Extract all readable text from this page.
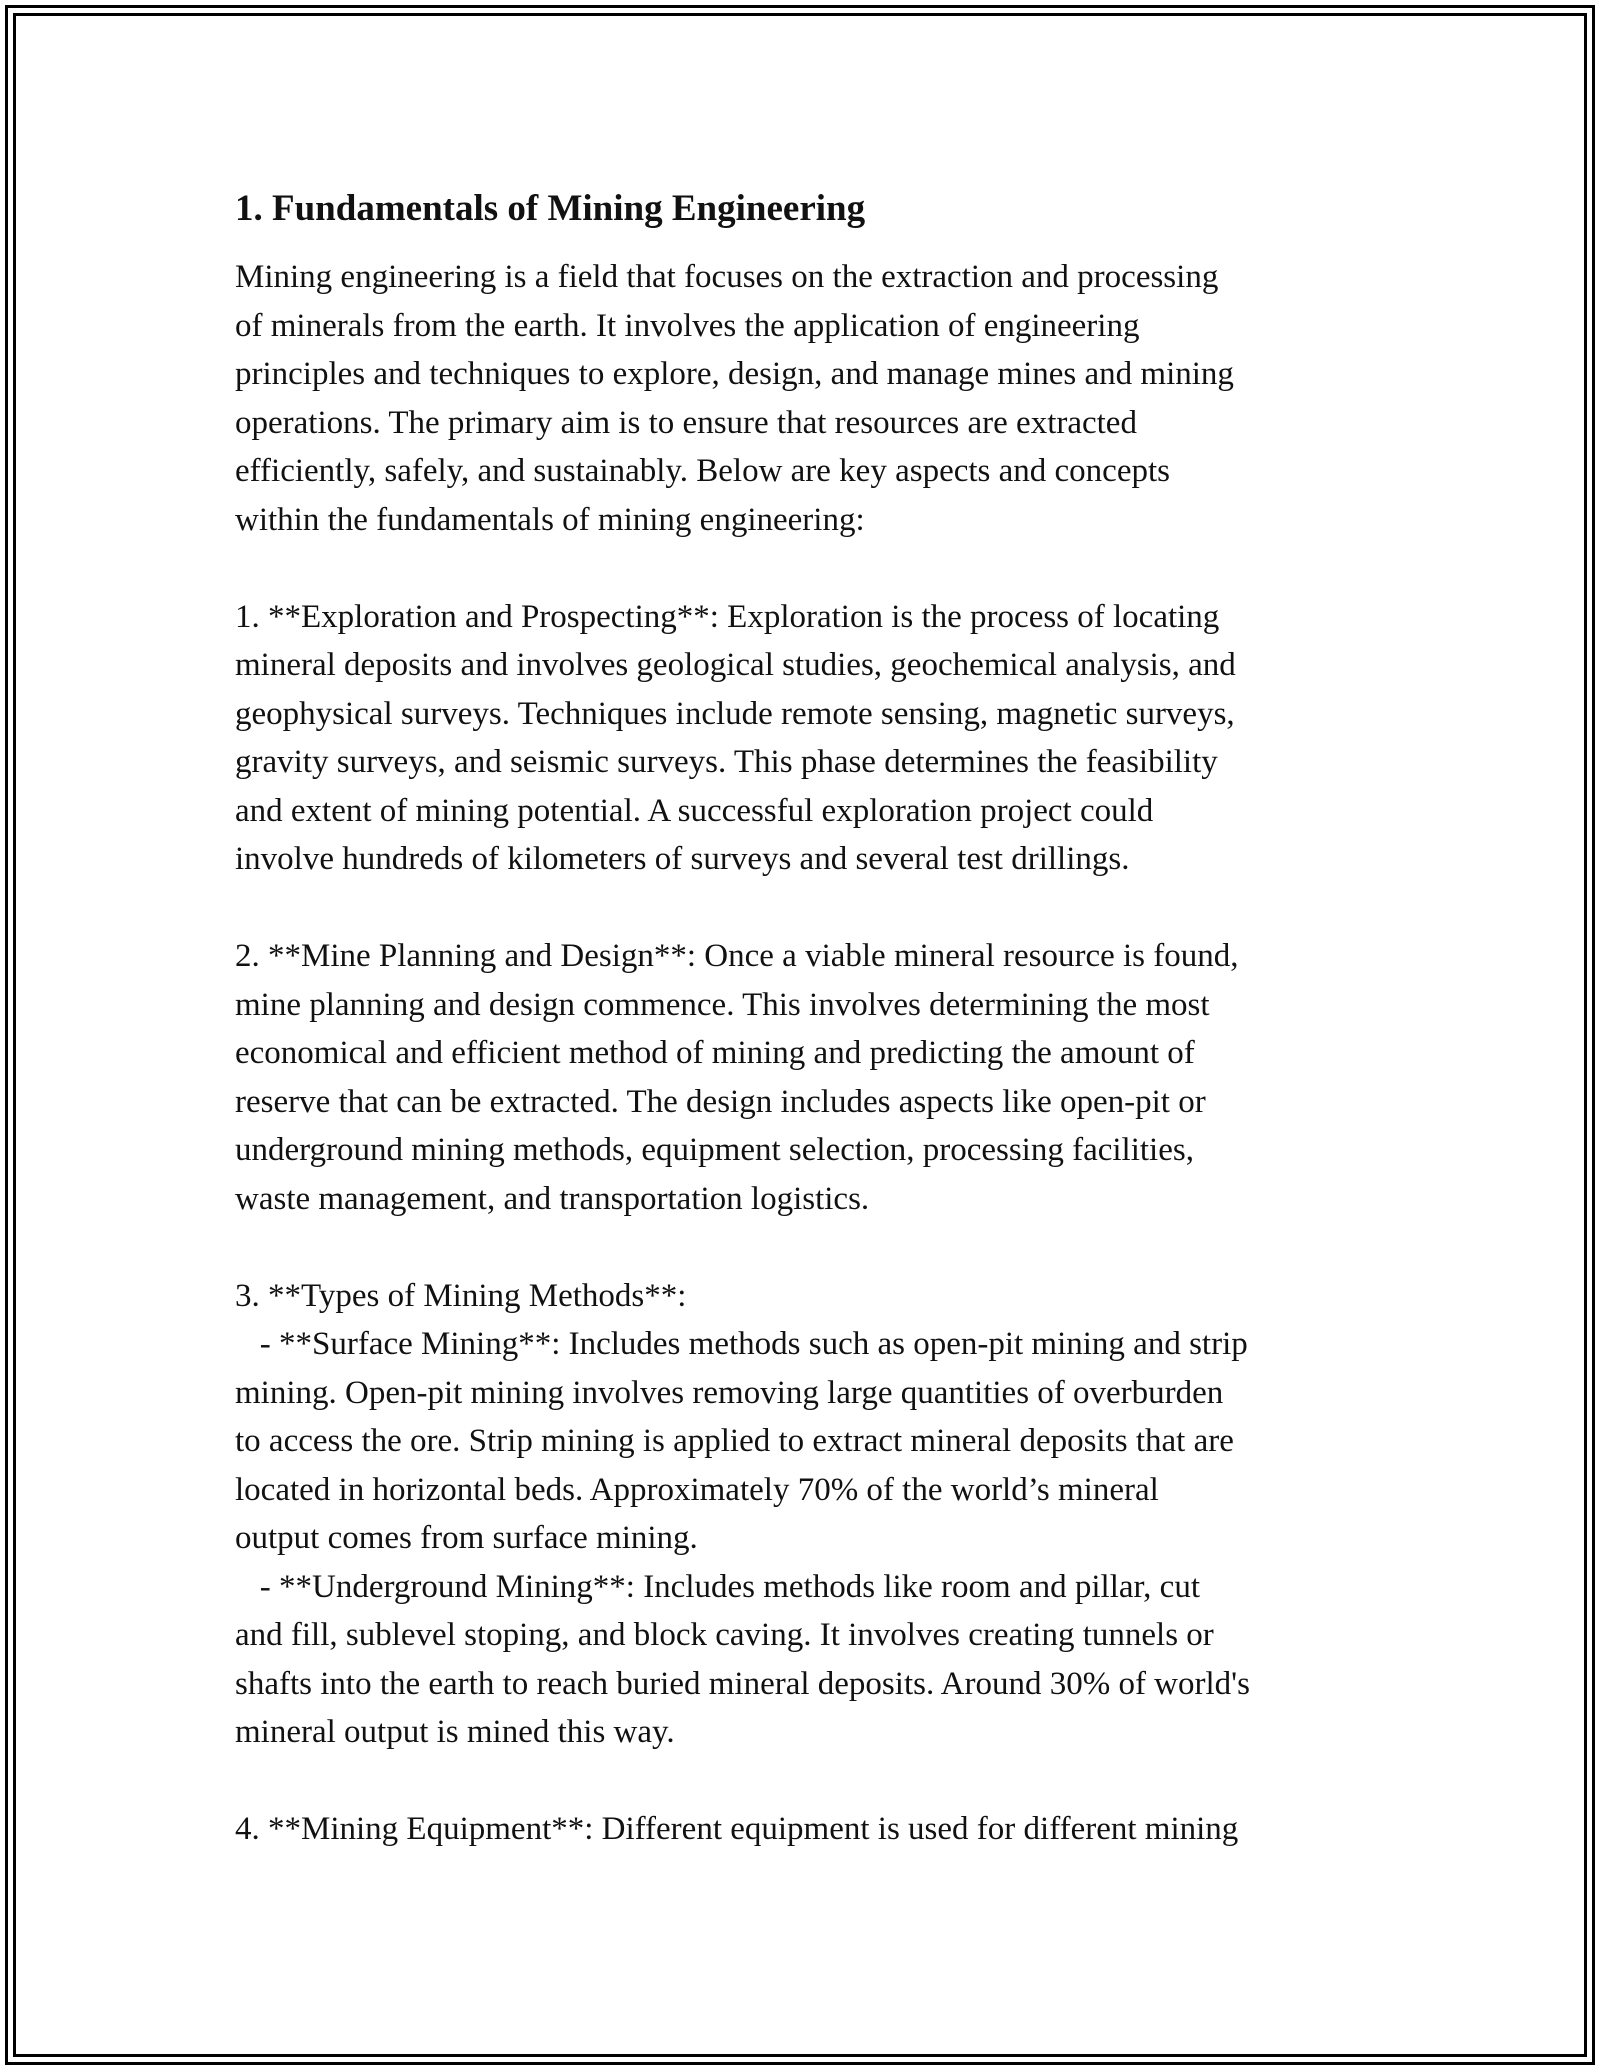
1. Fundamentals of Mining Engineering

Mining engineering is a field that focuses on the extraction and processing
of minerals from the earth. It involves the application of engineering
principles and techniques to explore, design, and manage mines and mining
operations. The primary aim is to ensure that resources are extracted
efficiently, safely, and sustainably. Below are key aspects and concepts
within the fundamentals of mining engineering:

1. **Exploration and Prospecting**: Exploration is the process of locating
mineral deposits and involves geological studies, geochemical analysis, and
geophysical surveys. Techniques include remote sensing, magnetic surveys,
gravity surveys, and seismic surveys. This phase determines the feasibility
and extent of mining potential. A successful exploration project could
involve hundreds of kilometers of surveys and several test drillings.

2. **Mine Planning and Design**: Once a viable mineral resource is found,
mine planning and design commence. This involves determining the most
economical and efficient method of mining and predicting the amount of
reserve that can be extracted. The design includes aspects like open-pit or
underground mining methods, equipment selection, processing facilities,
waste management, and transportation logistics.

3. **Types of Mining Methods**:

- **Surface Mining**: Includes methods such as open-pit mining and strip
mining. Open-pit mining involves removing large quantities of overburden
to access the ore. Strip mining is applied to extract mineral deposits that are
located in horizontal beds. Approximately 70% of the world’s mineral
output comes from surface mining.

- **Underground Mining**: Includes methods like room and pillar, cut
and fill, sublevel stoping, and block caving. It involves creating tunnels or
shafts into the earth to reach buried mineral deposits. Around 30% of world's
mineral output is mined this way.

4. **Mining Equipment**: Different equipment is used for different mining
